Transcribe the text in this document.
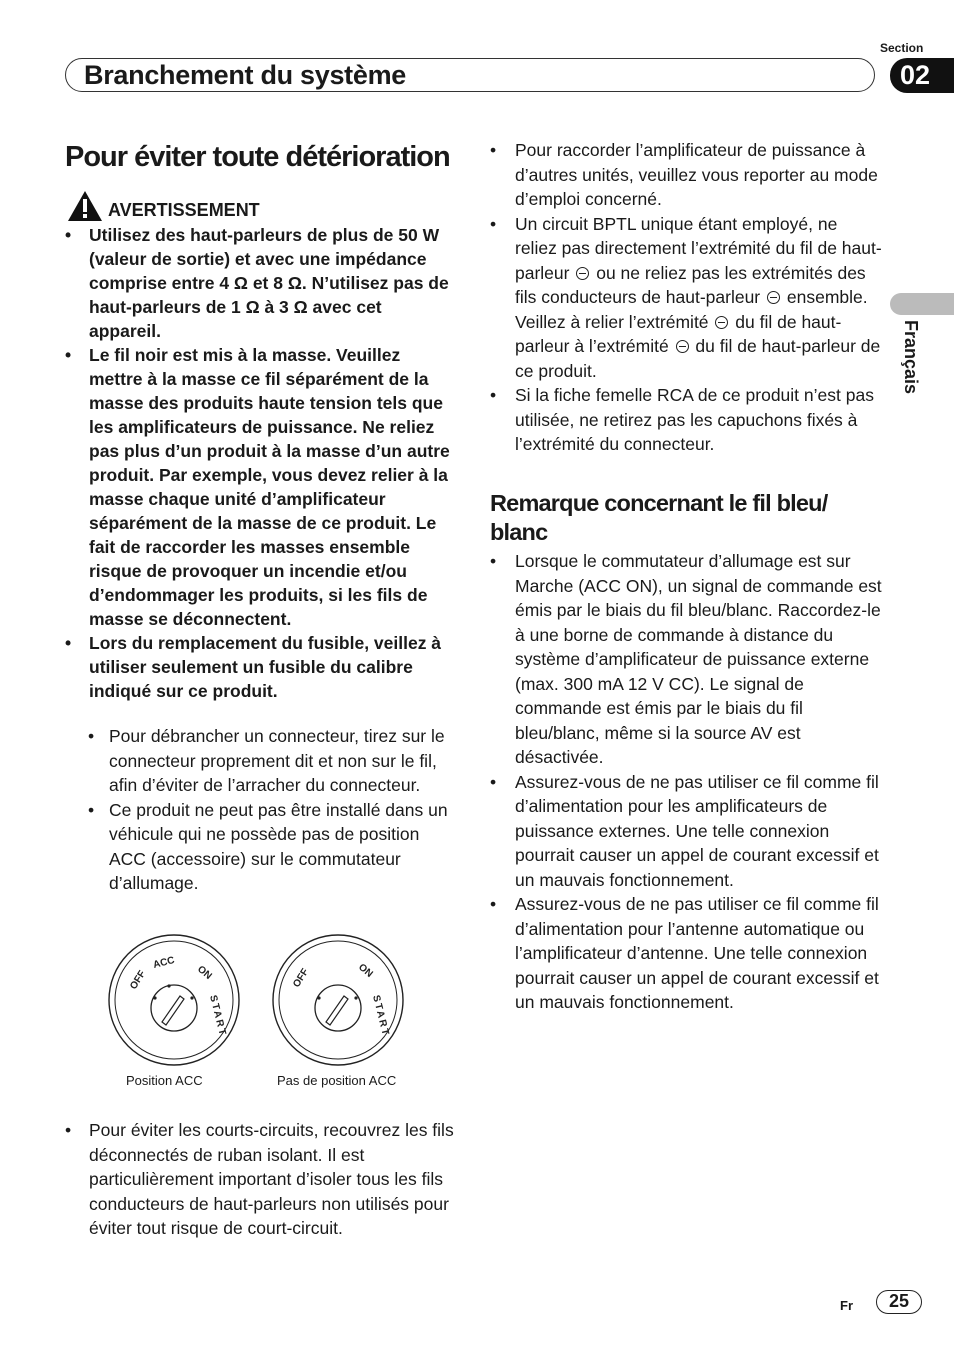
Branchement du système
Section
02
Français
Pour éviter toute détérioration
AVERTISSEMENT
• Utilisez des haut-parleurs de plus de 50 W (valeur de sortie) et avec une impédance comprise entre 4 Ω et 8 Ω. N’utilisez pas de haut-parleurs de 1 Ω à 3 Ω avec cet appareil.
• Le fil noir est mis à la masse. Veuillez mettre à la masse ce fil séparément de la masse des produits haute tension tels que les amplificateurs de puissance. Ne reliez pas plus d’un produit à la masse d’un autre produit. Par exemple, vous devez relier à la masse chaque unité d’amplificateur séparément de la masse de ce produit. Le fait de raccorder les masses ensemble risque de provoquer un incendie et/ou d’endommager les produits, si les fils de masse se déconnectent.
• Lors du remplacement du fusible, veillez à utiliser seulement un fusible du calibre indiqué sur ce produit.
• Pour débrancher un connecteur, tirez sur le connecteur proprement dit et non sur le fil, afin d’éviter de l’arracher du connecteur.
• Ce produit ne peut pas être installé dans un véhicule qui ne possède pas de position ACC (accessoire) sur le commutateur d’allumage.
OFF
ACC
ON
START
OFF	ON
START
Position ACC	Pas de position ACC
• Pour éviter les courts-circuits, recouvrez les fils déconnectés de ruban isolant. Il est particulièrement important d’isoler tous les fils conducteurs de haut-parleurs non utilisés pour éviter tout risque de court-circuit.
• Pour raccorder l’amplificateur de puissance à d’autres unités, veuillez vous reporter au mode d’emploi concerné.
• Un circuit BPTL unique étant employé, ne reliez pas directement l’extrémité du fil de haut-parleur ou ne reliez pas les extrémités des fils conducteurs de haut-parleur ensemble. Veillez à relier l’extrémité du fil de haut-parleur à l’extrémité du fil de haut-parleur de ce produit.
• Si la fiche femelle RCA de ce produit n’est pas utilisée, ne retirez pas les capuchons fixés à l’extrémité du connecteur.
Remarque concernant le fil bleu/ blanc
• Lorsque le commutateur d’allumage est sur Marche (ACC ON), un signal de commande est émis par le biais du fil bleu/blanc. Raccordez-le à une borne de commande à distance du système d’amplificateur de puissance externe (max. 300 mA 12 V CC). Le signal de commande est émis par le biais du fil bleu/blanc, même si la source AV est désactivée.
• Assurez-vous de ne pas utiliser ce fil comme fil d’alimentation pour les amplificateurs de puissance externes. Une telle connexion pourrait causer un appel de courant excessif et un mauvais fonctionnement.
• Assurez-vous de ne pas utiliser ce fil comme fil d’alimentation pour l’antenne automatique ou l’amplificateur d’antenne. Une telle connexion pourrait causer un appel de courant excessif et un mauvais fonctionnement.
Fr	25
